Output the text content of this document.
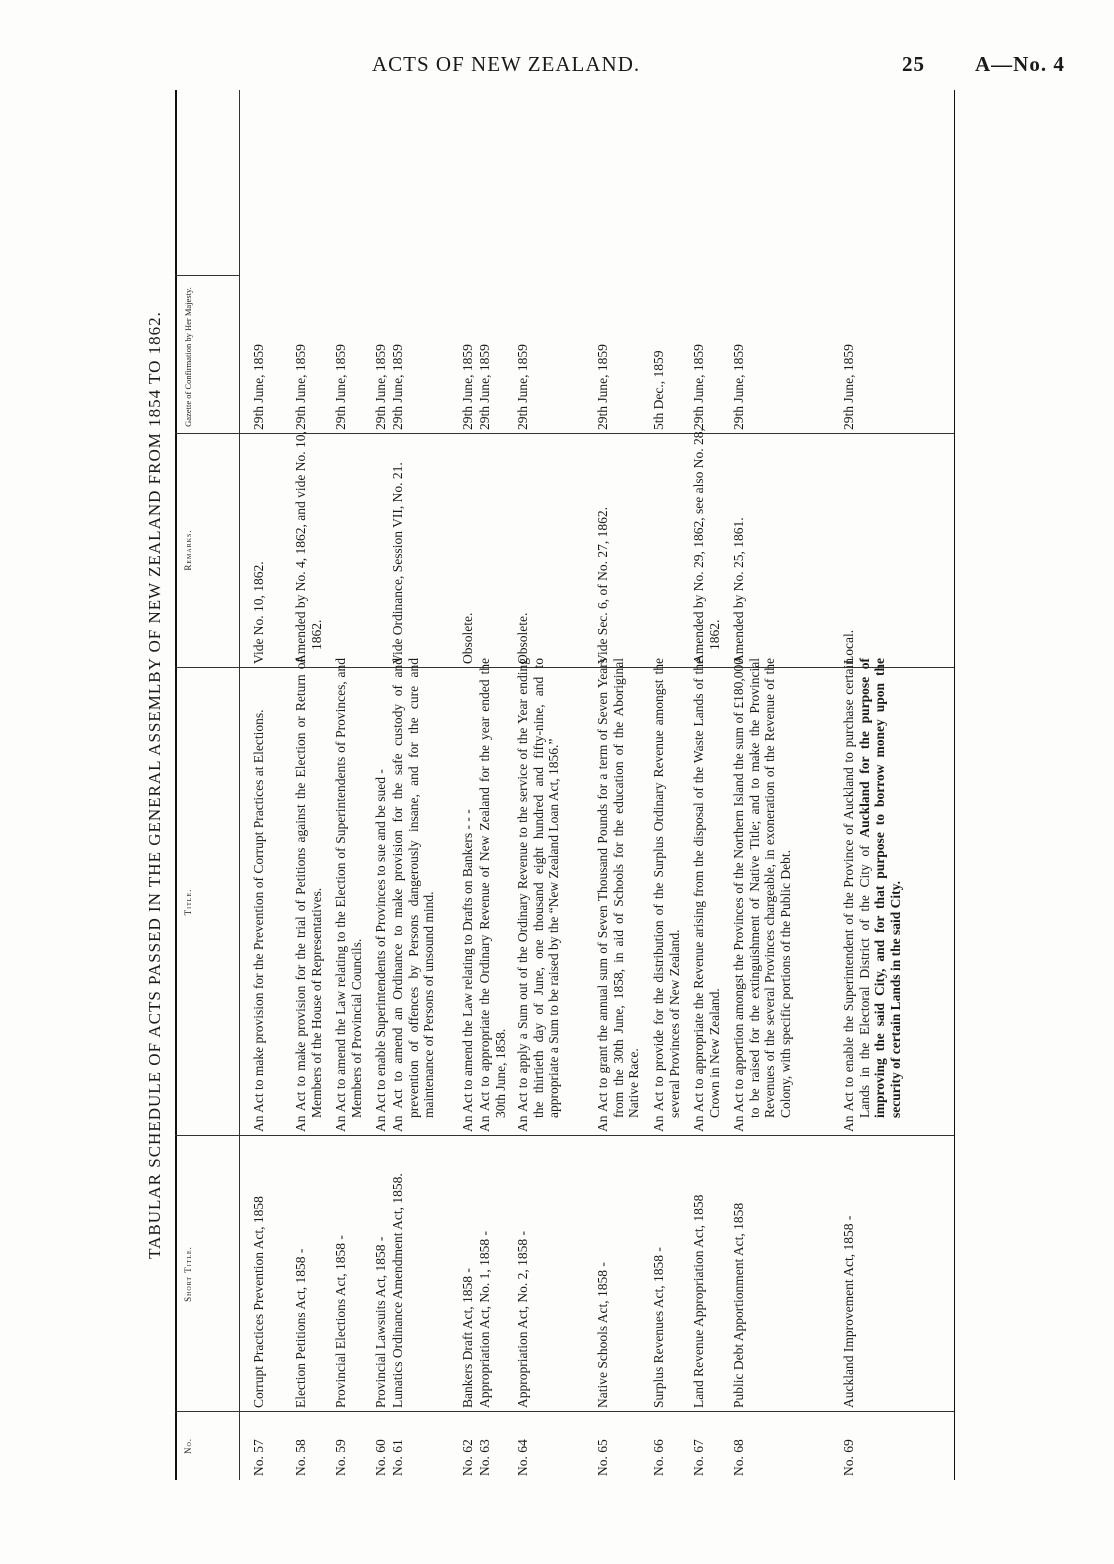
ACTS OF NEW ZEALAND.	25 A—No. 4
TABULAR SCHEDULE OF ACTS PASSED IN THE GENERAL ASSEMLBY OF NEW ZEALAND FROM 1854 TO 1862.
No.
Short Title.
Title.
Remarks.
Gazette of Confirmation by Her Majesty.
No. 57
Corrupt Practices Prevention Act, 1858
An Act to make provision for the Prevention of Corrupt Practices at Elections.
Vide No. 10, 1862.
29th June, 1859
No. 58
Election Petitions Act, 1858 -
An Act to make provision for the trial of Petitions against the Election or Return of Members of the House of Representatives.
Amended by No. 4, 1862, and vide No. 10, 1862.
29th June, 1859
No. 59
Provincial Elections Act, 1858 -
An Act to amend the Law relating to the Election of Superintendents of Provinces, and Members of Provincial Councils.
29th June, 1859
No. 60
Provincial Lawsuits Act, 1858 -
An Act to enable Superintendents of Provinces to sue and be sued -
29th June, 1859
No. 61
Lunatics Ordinance Amendment Act, 1858.
An Act to amend an Ordinance to make provision for the safe custody of and prevention of offences by Persons dangerously insane, and for the cure and maintenance of Persons of unsound mind.
Vide Ordinance, Session VII, No. 21.
29th June, 1859
No. 62
Bankers Draft Act, 1858 -
An Act to amend the Law relating to Drafts on Bankers - - -
Obsolete.
29th June, 1859
No. 63
Appropriation Act, No. 1, 1858 -
An Act to appropriate the Ordinary Revenue of New Zealand for the year ended the 30th June, 1858.
29th June, 1859
No. 64
Appropriation Act, No. 2, 1858 -
An Act to apply a Sum out of the Ordinary Revenue to the service of the Year ending the thirtieth day of June, one thousand eight hundred and fifty-nine, and to appropriate a Sum to be raised by the “New Zealand Loan Act, 1856.”
Obsolete.
29th June, 1859
No. 65
Native Schools Act, 1858 -
An Act to grant the annual sum of Seven Thousand Pounds for a term of Seven Years from the 30th June, 1858, in aid of Schools for the education of the Aboriginal Native Race.
Vide Sec. 6, of No. 27, 1862.
29th June, 1859
No. 66
Surplus Revenues Act, 1858 -
An Act to provide for the distribution of the Surplus Ordinary Revenue amongst the several Provinces of New Zealand.
5th Dec., 1859
No. 67
Land Revenue Appropriation Act, 1858
An Act to appropriate the Revenue arising from the disposal of the Waste Lands of the Crown in New Zealand.
Amended by No. 29, 1862, see also No. 28, 1862.
29th June, 1859
No. 68
Public Debt Apportionment Act, 1858
An Act to apportion amongst the Provinces of the Northern Island the sum of £180,000 to be raised for the extinguishment of Native Title; and to make the Provincial Revenues of the several Provinces chargeable, in exoneration of the Revenue of the Colony, with specific portions of the Public Debt.
Amended by No. 25, 1861.
29th June, 1859
No. 69
Auckland Improvement Act, 1858 -
An Act to enable the Superintendent of the Province of Auckland to purchase certain Lands in the Electoral District of the City of Auckland for the purpose of improving the said City, and for that purpose to borrow money upon the security of certain Lands in the said City.
Local.
29th June, 1859
